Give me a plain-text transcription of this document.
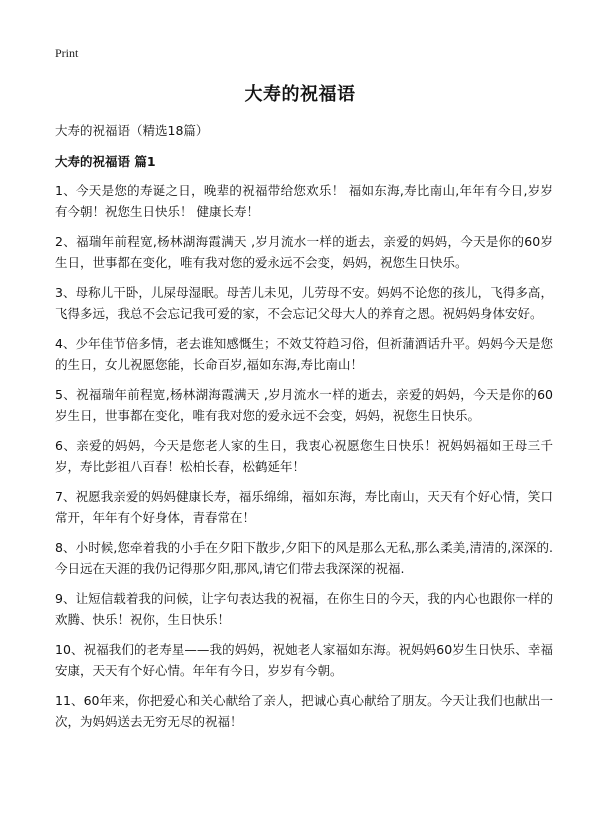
Print
大寿的祝福语
大寿的祝福语（精选18篇）
大寿的祝福语 篇1

1、今天是您的寿诞之日，晚辈的祝福带给您欢乐！ 福如东海,寿比南山,年年有今日,岁岁有今朝！祝您生日快乐！ 健康长寿！

2、福瑞年前程宽,杨林湖海霞满天 ,岁月流水一样的逝去，亲爱的妈妈，今天是你的60岁生日，世事都在变化，唯有我对您的爱永远不会变，妈妈，祝您生日快乐。

3、母称儿干卧，儿屎母湿眠。母苦儿未见，儿劳母不安。妈妈不论您的孩儿，飞得多高，飞得多远，我总不会忘记我可爱的家，不会忘记父母大人的养育之恩。祝妈妈身体安好。

4、少年佳节倍多情，老去谁知感慨生；不效艾符趋习俗，但祈蒲酒话升平。妈妈今天是您的生日，女儿祝愿您能，长命百岁,福如东海,寿比南山！

5、祝福瑞年前程宽,杨林湖海霞满天 ,岁月流水一样的逝去，亲爱的妈妈，今天是你的60岁生日，世事都在变化，唯有我对您的爱永远不会变，妈妈，祝您生日快乐。

6、亲爱的妈妈，今天是您老人家的生日，我衷心祝愿您生日快乐！祝妈妈福如王母三千岁，寿比彭祖八百春！松柏长春，松鹤延年！

7、祝愿我亲爱的妈妈健康长寿，福乐绵绵，福如东海，寿比南山，天天有个好心情，笑口常开，年年有个好身体，青春常在！

8、小时候,您牵着我的小手在夕阳下散步,夕阳下的风是那么无私,那么柔美,清清的,深深的.今日远在天涯的我仍记得那夕阳,那风,请它们带去我深深的祝福.

9、让短信载着我的问候，让字句表达我的祝福，在你生日的今天，我的内心也跟你一样的欢腾、快乐！祝你，生日快乐！

10、祝福我们的老寿星——我的妈妈，祝她老人家福如东海。祝妈妈60岁生日快乐、幸福安康，天天有个好心情。年年有今日，岁岁有今朝。

11、60年来，你把爱心和关心献给了亲人，把诚心真心献给了朋友。今天让我们也献出一次，为妈妈送去无穷无尽的祝福！
